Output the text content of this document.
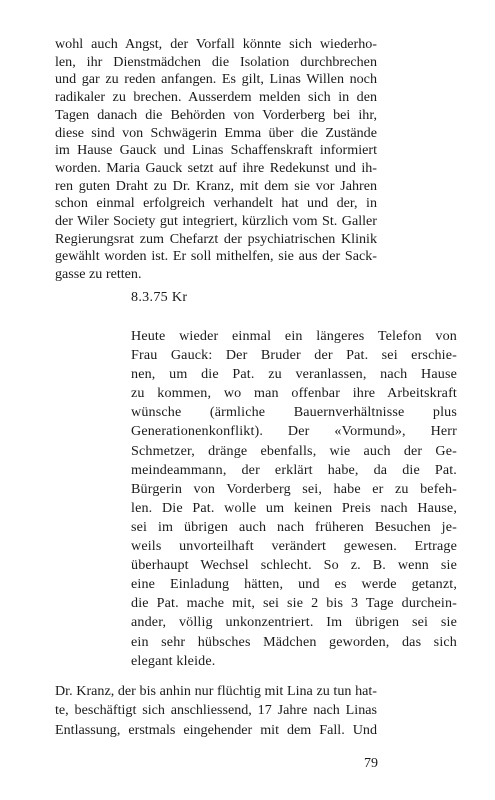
wohl auch Angst, der Vorfall könnte sich wiederho-
len, ihr Dienstmädchen die Isolation durchbrechen
und gar zu reden anfangen. Es gilt, Linas Willen noch
radikaler zu brechen. Ausserdem melden sich in den
Tagen danach die Behörden von Vorderberg bei ihr,
diese sind von Schwägerin Emma über die Zustände
im Hause Gauck und Linas Schaffenskraft informiert
worden. Maria Gauck setzt auf ihre Redekunst und ih-
ren guten Draht zu Dr. Kranz, mit dem sie vor Jahren
schon einmal erfolgreich verhandelt hat und der, in
der Wiler Society gut integriert, kürzlich vom St. Galler
Regierungsrat zum Chefarzt der psychiatrischen Klinik
gewählt worden ist. Er soll mithelfen, sie aus der Sack-
gasse zu retten.
8.3.75 Kr
Heute wieder einmal ein längeres Telefon von
Frau Gauck: Der Bruder der Pat. sei erschie-
nen, um die Pat. zu veranlassen, nach Hause
zu kommen, wo man offenbar ihre Arbeitskraft
wünsche (ärmliche Bauernverhältnisse plus
Generationenkonflikt). Der «Vormund», Herr
Schmetzer, dränge ebenfalls, wie auch der Ge-
meindeammann, der erklärt habe, da die Pat.
Bürgerin von Vorderberg sei, habe er zu befeh-
len. Die Pat. wolle um keinen Preis nach Hause,
sei im übrigen auch nach früheren Besuchen je-
weils unvorteilhaft verändert gewesen. Ertrage
überhaupt Wechsel schlecht. So z. B. wenn sie
eine Einladung hätten, und es werde getanzt,
die Pat. mache mit, sei sie 2 bis 3 Tage durchein-
ander, völlig unkonzentriert. Im übrigen sei sie
ein sehr hübsches Mädchen geworden, das sich
elegant kleide.
Dr. Kranz, der bis anhin nur flüchtig mit Lina zu tun hat-
te, beschäftigt sich anschliessend, 17 Jahre nach Linas
Entlassung, erstmals eingehender mit dem Fall. Und
79
